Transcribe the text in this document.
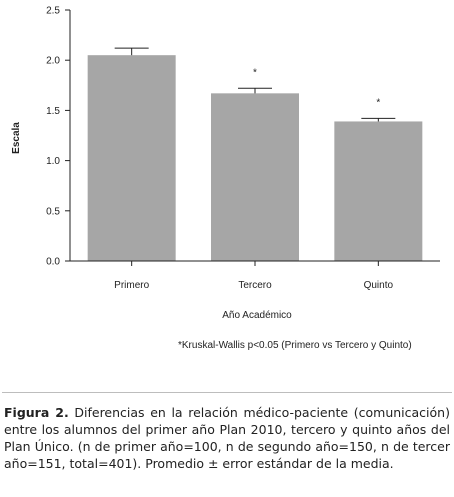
0.0
0.5
1.0
1.5
2.0
2.5
*
*
Primero	Tercero	Quinto
Escala
Año Académico
*Kruskal-Wallis p<0.05 (Primero vs Tercero y Quinto)
Figura 2. Diferencias en la relación médico-paciente (comunicación) entre los alumnos del primer año Plan 2010, tercero y quinto años del Plan Único. (n de primer año=100, n de segundo año=150, n de tercer año=151, total=401). Promedio ± error estándar de la media.
